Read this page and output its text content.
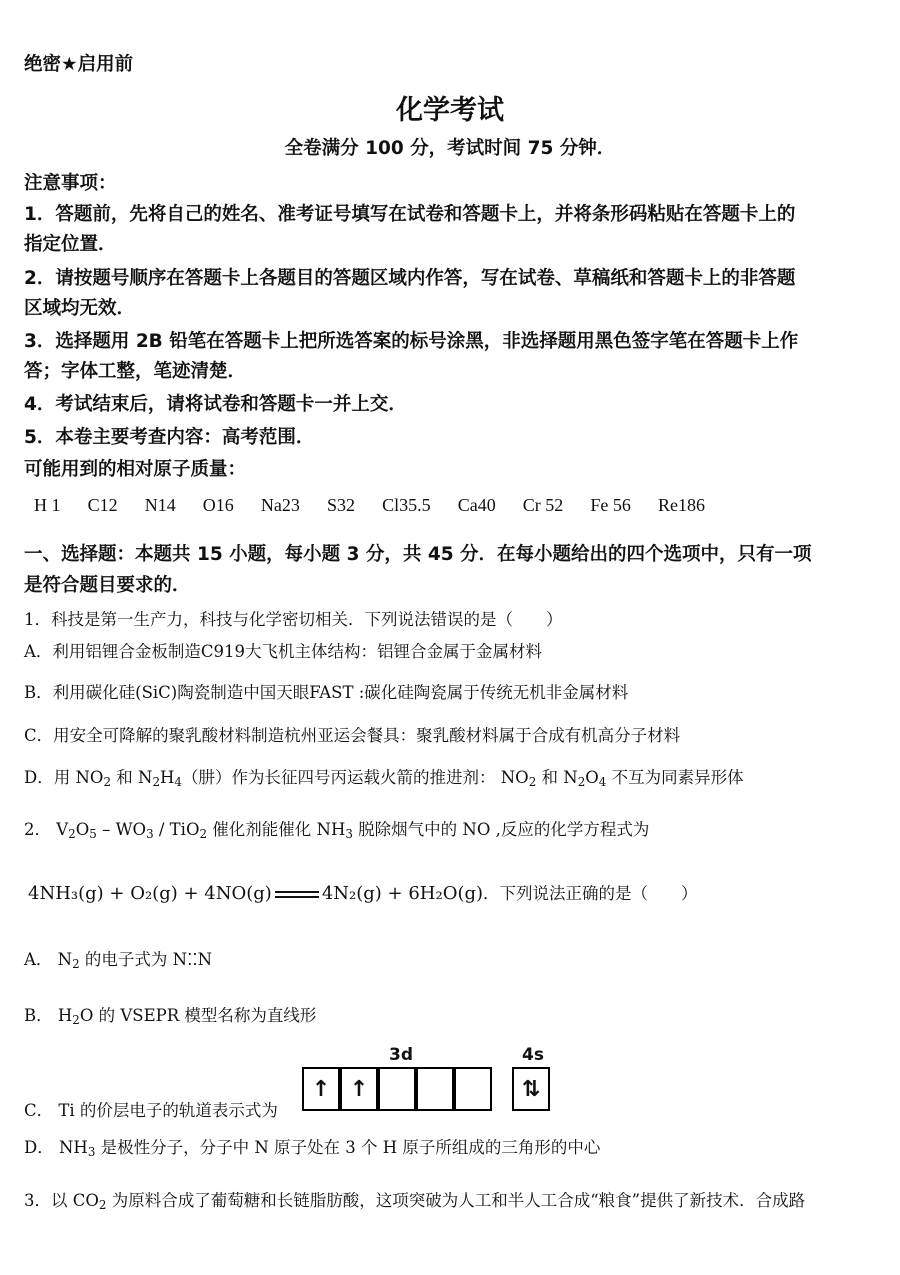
绝密★启用前
化学考试
全卷满分 100 分，考试时间 75 分钟．
注意事项：
1．答题前，先将自己的姓名、准考证号填写在试卷和答题卡上，并将条形码粘贴在答题卡上的
指定位置．
2．请按题号顺序在答题卡上各题目的答题区域内作答，写在试卷、草稿纸和答题卡上的非答题
区域均无效．
3．选择题用 2B 铅笔在答题卡上把所选答案的标号涂黑，非选择题用黑色签字笔在答题卡上作
答；字体工整，笔迹清楚．
4．考试结束后，请将试卷和答题卡一并上交．
5．本卷主要考查内容：高考范围．
可能用到的相对原子质量：
H 1 C12 N14 O16 Na23 S32 Cl35.5 Ca40 Cr 52 Fe 56 Re186
一、选择题：本题共 15 小题，每小题 3 分，共 45 分．在每小题给出的四个选项中，只有一项
是符合题目要求的．
1．科技是第一生产力，科技与化学密切相关．下列说法错误的是（　　）
A．利用铝锂合金板制造C919大飞机主体结构：铝锂合金属于金属材料
B．利用碳化硅(SiC)陶瓷制造中国天眼FAST :碳化硅陶瓷属于传统无机非金属材料
C．用安全可降解的聚乳酸材料制造杭州亚运会餐具：聚乳酸材料属于合成有机高分子材料
D．用 $NO_2$ 和 $N_2H_4$（肼）作为长征四号丙运载火箭的推进剂： $NO_2$ 和 $N_2O_4$ 不互为同素异形体
2． $V_2O_5 - WO_3 / TiO_2$ 催化剂能催化 $NH_3$ 脱除烟气中的 NO ,反应的化学方程式为
4NH₃(g) + O₂(g) + 4NO(g)	4N₂(g) + 6H₂O(g)．下列说法正确的是（　　）
A． $N_2$ 的电子式为 N⁚⁚N
B． $H_2O$ 的 VSEPR 模型名称为直线形
C． Ti 的价层电子的轨道表示式为
3d	4s
↑ ↑	⇅
D． $NH_3$ 是极性分子，分子中 N 原子处在 3 个 H 原子所组成的三角形的中心
3．以 $CO_2$ 为原料合成了葡萄糖和长链脂肪酸，这项突破为人工和半人工合成“粮食”提供了新技术．合成路
